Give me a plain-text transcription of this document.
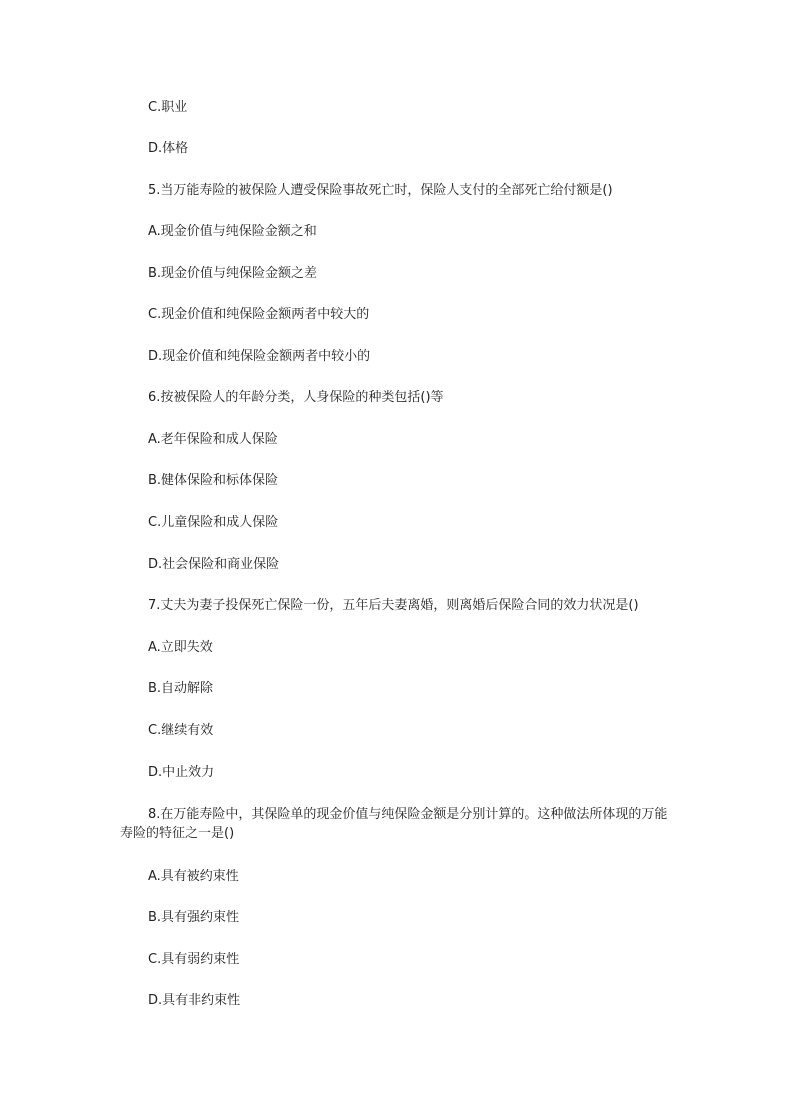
C.职业
D.体格
5.当万能寿险的被保险人遭受保险事故死亡时，保险人支付的全部死亡给付额是()
A.现金价值与纯保险金额之和
B.现金价值与纯保险金额之差
C.现金价值和纯保险金额两者中较大的
D.现金价值和纯保险金额两者中较小的
6.按被保险人的年龄分类，人身保险的种类包括()等
A.老年保险和成人保险
B.健体保险和标体保险
C.儿童保险和成人保险
D.社会保险和商业保险
7.丈夫为妻子投保死亡保险一份，五年后夫妻离婚，则离婚后保险合同的效力状况是()
A.立即失效
B.自动解除
C.继续有效
D.中止效力
8.在万能寿险中，其保险单的现金价值与纯保险金额是分别计算的。这种做法所体现的万能寿险的特征之一是()
A.具有被约束性
B.具有强约束性
C.具有弱约束性
D.具有非约束性
